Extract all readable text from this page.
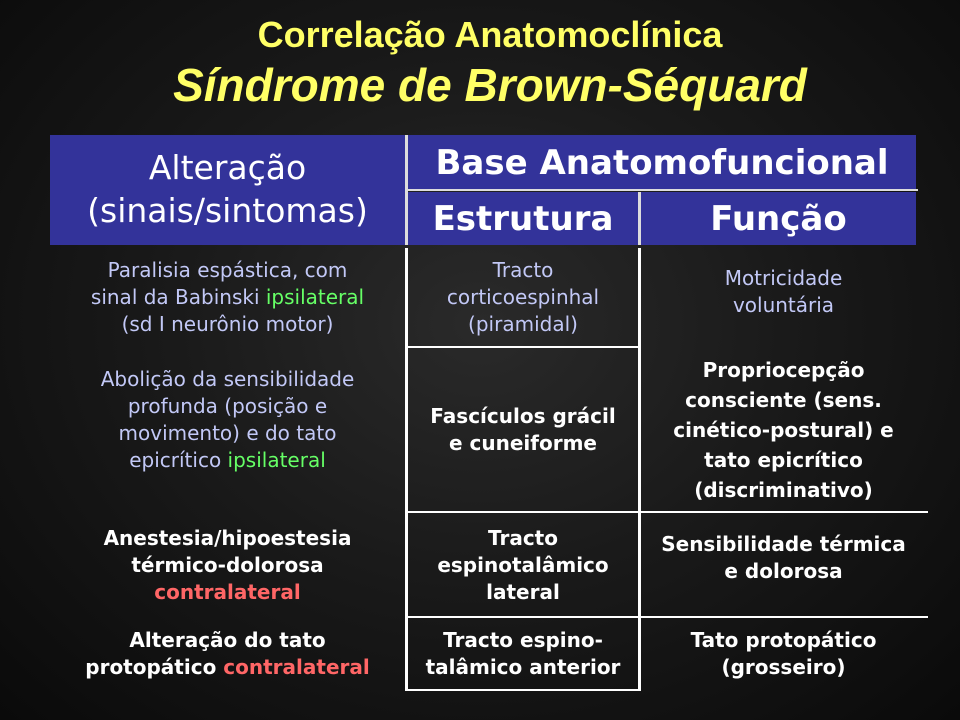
Correlação Anatomoclínica
Síndrome de Brown-Séquard
Alteração
(sinais/sintomas)
Base Anatomofuncional
Estrutura	Função
Paralisia espástica, com
sinal da Babinski ipsilateral
(sd I neurônio motor)
Tracto
corticoespinhal
(piramidal)
Motricidade
voluntária
Abolição da sensibilidade
profunda (posição e
movimento) e do tato
epicrítico ipsilateral
Fascículos grácil
e cuneiforme
Propriocepção
consciente (sens.
cinético-postural) e
tato epicrítico
(discriminativo)
Anestesia/hipoestesia
térmico-dolorosa
contralateral
Tracto
espinotalâmico
lateral
Sensibilidade térmica
e dolorosa
Alteração do tato
protopático contralateral
Tracto espino-
talâmico anterior
Tato protopático
(grosseiro)
